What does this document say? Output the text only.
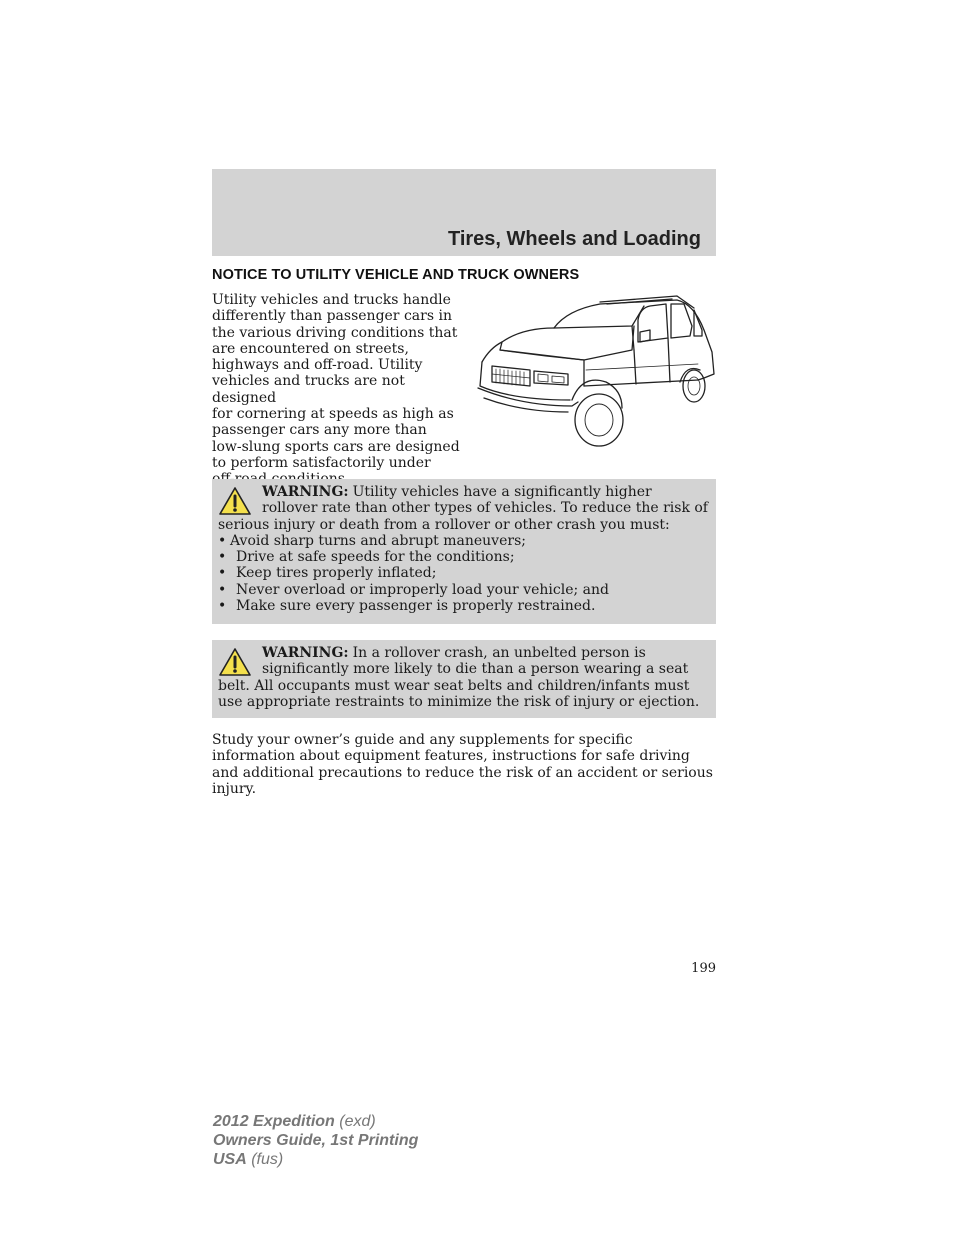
Tires, Wheels and Loading
NOTICE TO UTILITY VEHICLE AND TRUCK OWNERS
Utility vehicles and trucks handle
differently than passenger cars in
the various driving conditions that
are encountered on streets,
highways and off-road. Utility
vehicles and trucks are not designed
for cornering at speeds as high as
passenger cars any more than
low-slung sports cars are designed
to perform satisfactorily under
WARNING: Utility vehicles have a significantly higher rollover rate than other types of vehicles. To reduce the risk of serious injury or death from a rollover or other crash you must:
• Avoid sharp turns and abrupt maneuvers;
• Drive at safe speeds for the conditions;
• Keep tires properly inflated;
• Never overload or improperly load your vehicle; and
• Make sure every passenger is properly restrained.
WARNING: In a rollover crash, an unbelted person is significantly more likely to die than a person wearing a seat belt. All occupants must wear seat belts and children/infants must use appropriate restraints to minimize the risk of injury or ejection.
Study your owner’s guide and any supplements for specific information about equipment features, instructions for safe driving and additional precautions to reduce the risk of an accident or serious injury.
199
2012 Expedition (exd)
Owners Guide, 1st Printing
USA (fus)
